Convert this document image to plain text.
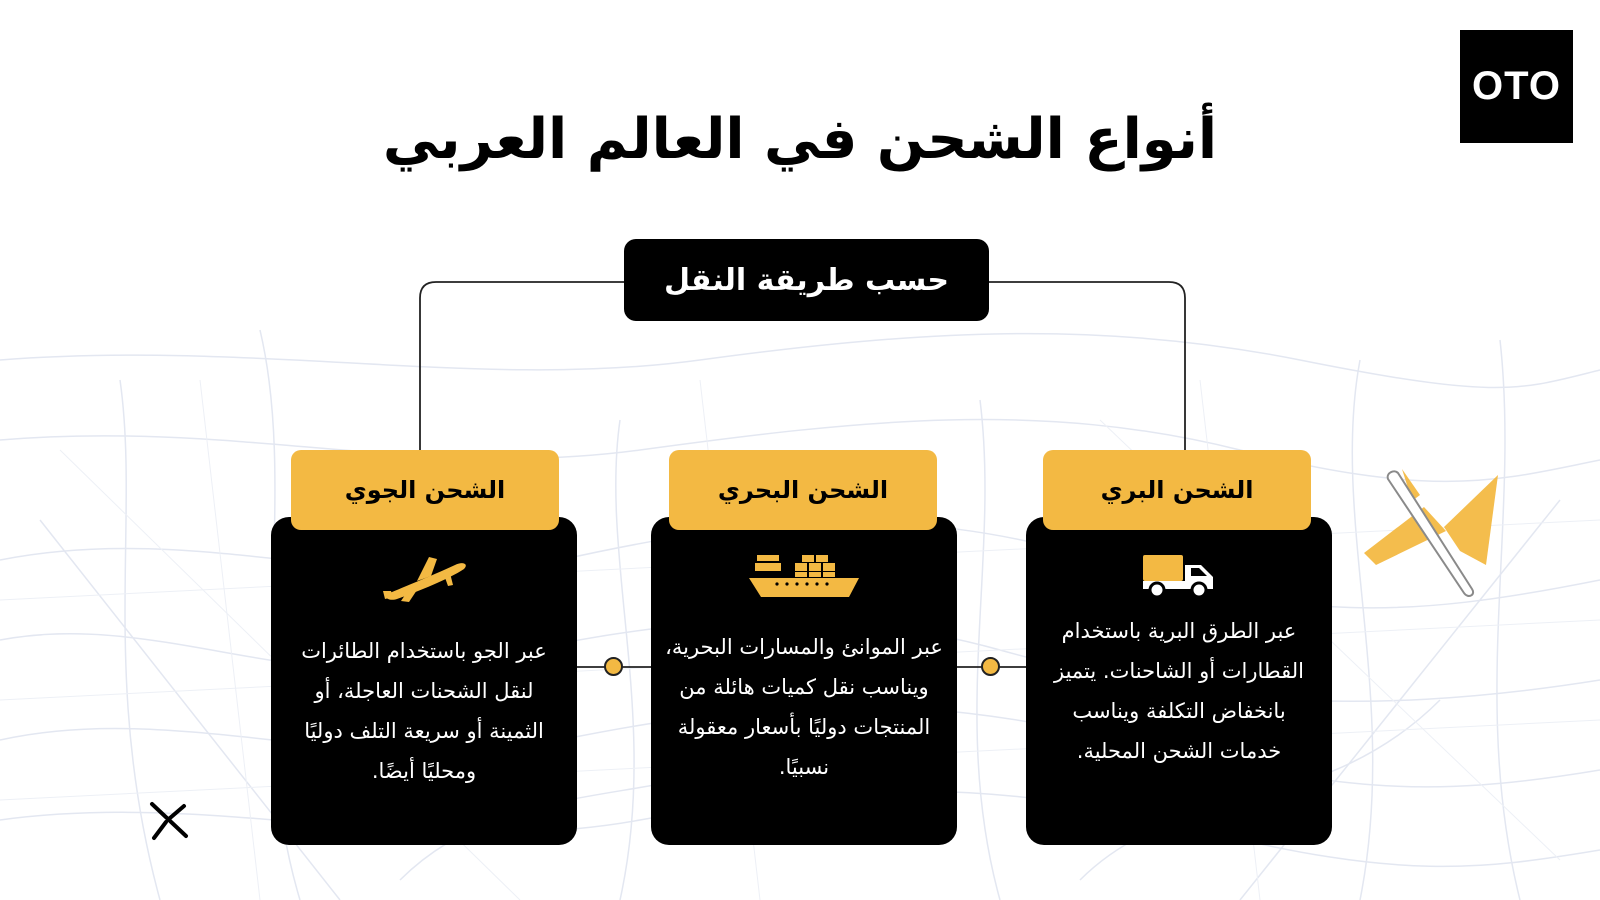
OTO
أنواع الشحن في العالم العربي
حسب طريقة النقل
الشحن الجوي
عبر الجو باستخدام الطائرات لنقل الشحنات العاجلة، أو الثمينة أو سريعة التلف دوليًا ومحليًا أيضًا.
الشحن البحري
عبر الموانئ والمسارات البحرية، ويناسب نقل كميات هائلة من المنتجات دوليًا بأسعار معقولة نسبيًا.
الشحن البري
عبر الطرق البرية باستخدام القطارات أو الشاحنات. يتميز بانخفاض التكلفة ويناسب خدمات الشحن المحلية.
